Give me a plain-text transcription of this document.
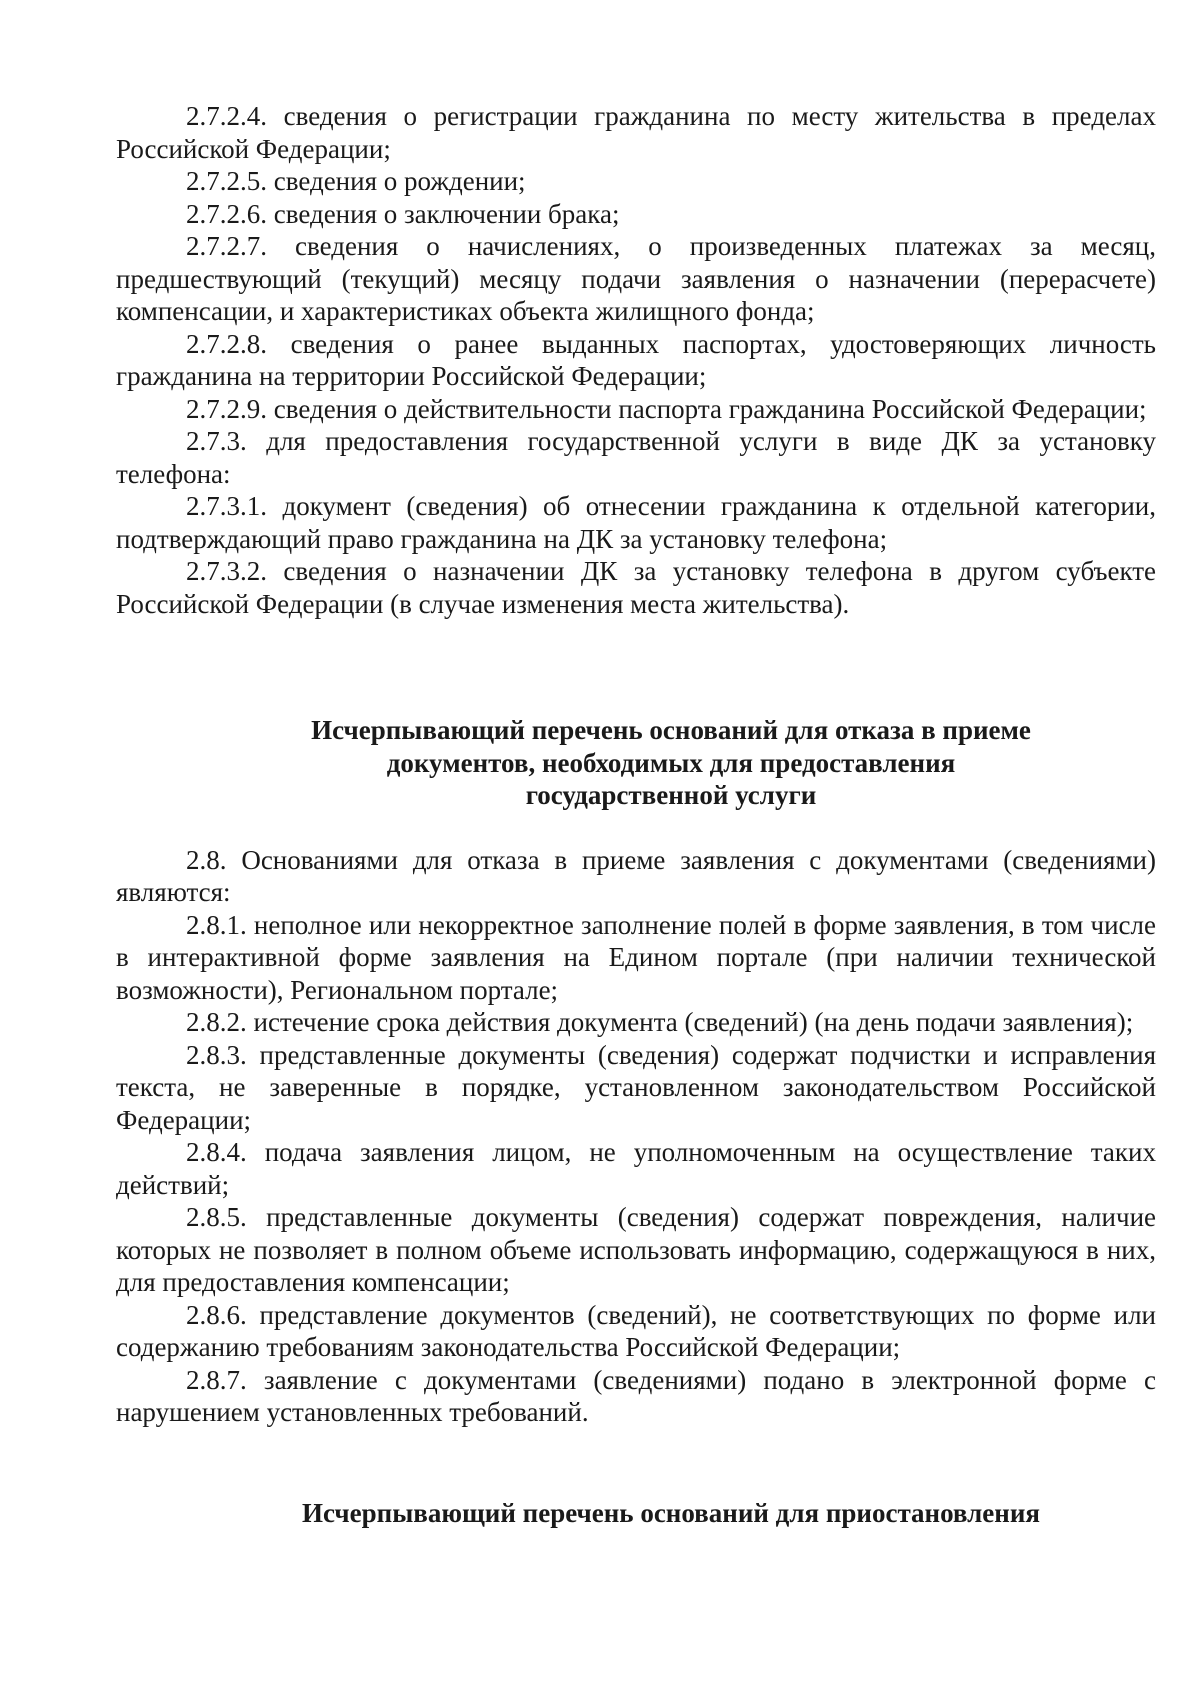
2.7.2.4. сведения о регистрации гражданина по месту жительства в пределах Российской Федерации;

2.7.2.5. сведения о рождении;

2.7.2.6. сведения о заключении брака;

2.7.2.7. сведения о начислениях, о произведенных платежах за месяц, предшествующий (текущий) месяцу подачи заявления о назначении (перерасчете) компенсации, и характеристиках объекта жилищного фонда;

2.7.2.8. сведения о ранее выданных паспортах, удостоверяющих личность гражданина на территории Российской Федерации;

2.7.2.9. сведения о действительности паспорта гражданина Российской Федерации;

2.7.3. для предоставления государственной услуги в виде ДК за установку телефона:

2.7.3.1. документ (сведения) об отнесении гражданина к отдельной категории, подтверждающий право гражданина на ДК за установку телефона;

2.7.3.2. сведения о назначении ДК за установку телефона в другом субъекте Российской Федерации (в случае изменения места жительства).

Исчерпывающий перечень оснований для отказа в приеме

документов, необходимых для предоставления

государственной услуги

2.8. Основаниями для отказа в приеме заявления с документами (сведениями) являются:

2.8.1. неполное или некорректное заполнение полей в форме заявления, в том числе в интерактивной форме заявления на Едином портале (при наличии технической возможности), Региональном портале;

2.8.2. истечение срока действия документа (сведений) (на день подачи заявления);

2.8.3. представленные документы (сведения) содержат подчистки и исправления текста, не заверенные в порядке, установленном законодательством Российской Федерации;

2.8.4. подача заявления лицом, не уполномоченным на осуществление таких действий;

2.8.5. представленные документы (сведения) содержат повреждения, наличие которых не позволяет в полном объеме использовать информацию, содержащуюся в них, для предоставления компенсации;

2.8.6. представление документов (сведений), не соответствующих по форме или содержанию требованиям законодательства Российской Федерации;

2.8.7. заявление с документами (сведениями) подано в электронной форме с нарушением установленных требований.

Исчерпывающий перечень оснований для приостановления
